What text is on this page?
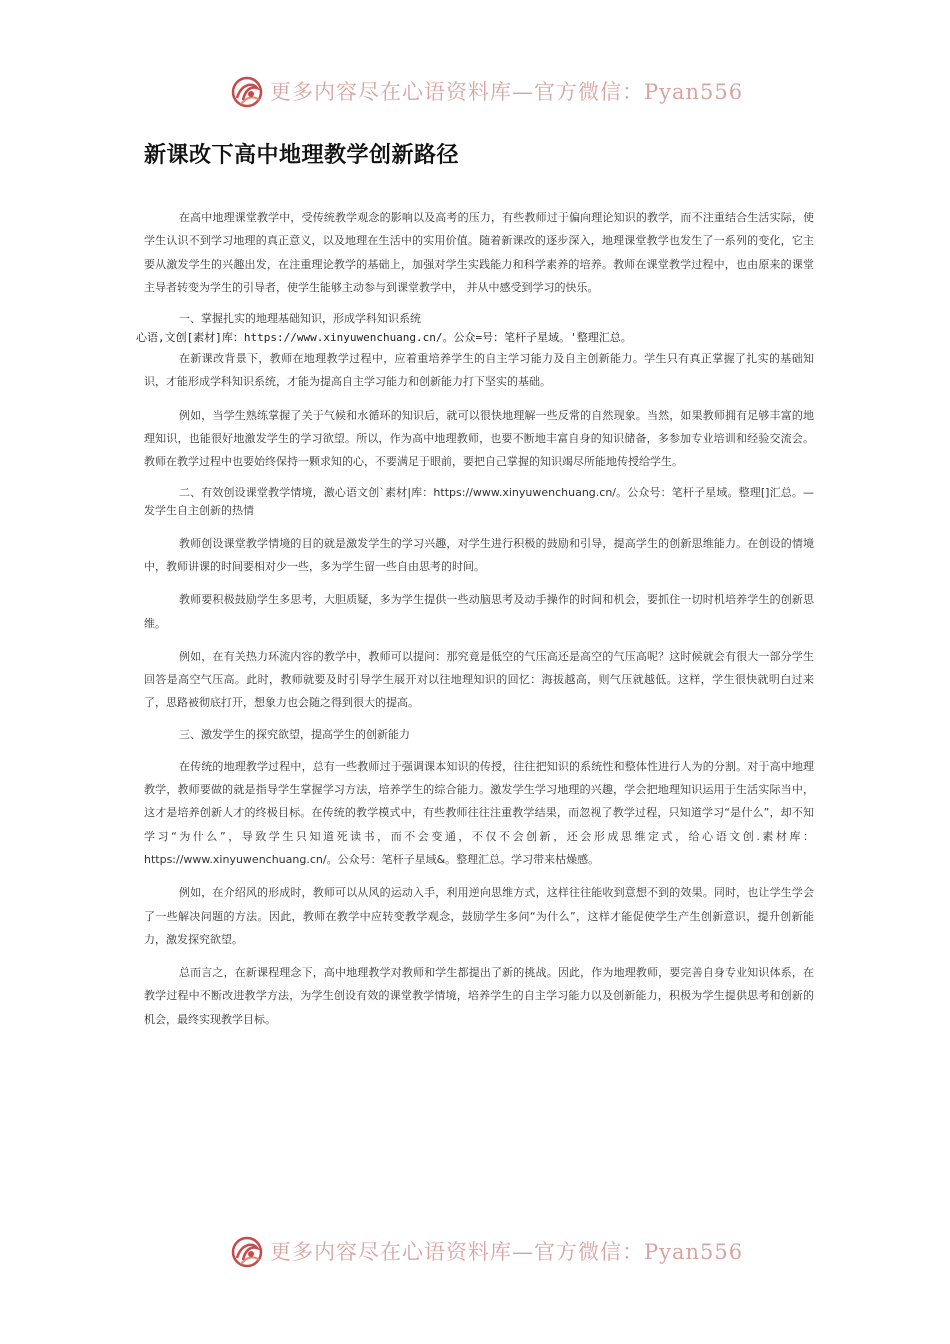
更多内容尽在心语资料库—官方微信：Pyan556
新课改下高中地理教学创新路径

在高中地理课堂教学中，受传统教学观念的影响以及高考的压力，有些教师过于偏向理论知识的教学，而不注重结合生活实际，使学生认识不到学习地理的真正意义，以及地理在生活中的实用价值。随着新课改的逐步深入，地理课堂教学也发生了一系列的变化，它主要从激发学生的兴趣出发，在注重理论教学的基础上，加强对学生实践能力和科学素养的培养。教师在课堂教学过程中，也由原来的课堂主导者转变为学生的引导者，使学生能够主动参与到课堂教学中， 并从中感受到学习的快乐。

一、掌握扎实的地理基础知识，形成学科知识系统

心语,文创[素材]库：https://www.xinyuwenchuang.cn/。公众=号：笔杆子星域。'整理汇总。

在新课改背景下，教师在地理教学过程中，应着重培养学生的自主学习能力及自主创新能力。学生只有真正掌握了扎实的基础知识，才能形成学科知识系统，才能为提高自主学习能力和创新能力打下坚实的基础。

例如，当学生熟练掌握了关于气候和水循环的知识后，就可以很快地理解一些反常的自然现象。当然，如果教师拥有足够丰富的地理知识，也能很好地激发学生的学习欲望。所以，作为高中地理教师，也要不断地丰富自身的知识储备，多参加专业培训和经验交流会。教师在教学过程中也要始终保持一颗求知的心，不要满足于眼前，要把自己掌握的知识竭尽所能地传授给学生。

二、有效创设课堂教学情境，激心语文创`素材|库：https://www.xinyuwenchuang.cn/。公众号：笔杆子星域。整理[]汇总。—发学生自主创新的热情

教师创设课堂教学情境的目的就是激发学生的学习兴趣，对学生进行积极的鼓励和引导，提高学生的创新思维能力。在创设的情境中，教师讲课的时间要相对少一些，多为学生留一些自由思考的时间。

教师要积极鼓励学生多思考，大胆质疑，多为学生提供一些动脑思考及动手操作的时间和机会，要抓住一切时机培养学生的创新思维。

例如，在有关热力环流内容的教学中，教师可以提问：那究竟是低空的气压高还是高空的气压高呢？这时候就会有很大一部分学生回答是高空气压高。此时，教师就要及时引导学生展开对以往地理知识的回忆：海拔越高，则气压就越低。这样，学生很快就明白过来了，思路被彻底打开，想象力也会随之得到很大的提高。

三、激发学生的探究欲望，提高学生的创新能力

在传统的地理教学过程中，总有一些教师过于强调课本知识的传授，往往把知识的系统性和整体性进行人为的分割。对于高中地理教学，教师要做的就是指导学生掌握学习方法，培养学生的综合能力。激发学生学习地理的兴趣，学会把地理知识运用于生活实际当中，这才是培养创新人才的终极目标。在传统的教学模式中，有些教师往往注重教学结果，而忽视了教学过程，只知道学习“是什么”，却不知学习“为什么”，导致学生只知道死读书，而不会变通，不仅不会创新，还会形成思维定式，给心语文创.素材库：https://www.xinyuwenchuang.cn/。公众号：笔杆子星域&。整理汇总。学习带来枯燥感。

例如，在介绍风的形成时，教师可以从风的运动入手，利用逆向思维方式，这样往往能收到意想不到的效果。同时，也让学生学会了一些解决问题的方法。因此，教师在教学中应转变教学观念，鼓励学生多问“为什么”，这样才能促使学生产生创新意识，提升创新能力，激发探究欲望。

总而言之，在新课程理念下，高中地理教学对教师和学生都提出了新的挑战。因此，作为地理教师，要完善自身专业知识体系，在教学过程中不断改进教学方法，为学生创设有效的课堂教学情境，培养学生的自主学习能力以及创新能力，积极为学生提供思考和创新的机会，最终实现教学目标。

更多内容尽在心语资料库—官方微信：Pyan556
